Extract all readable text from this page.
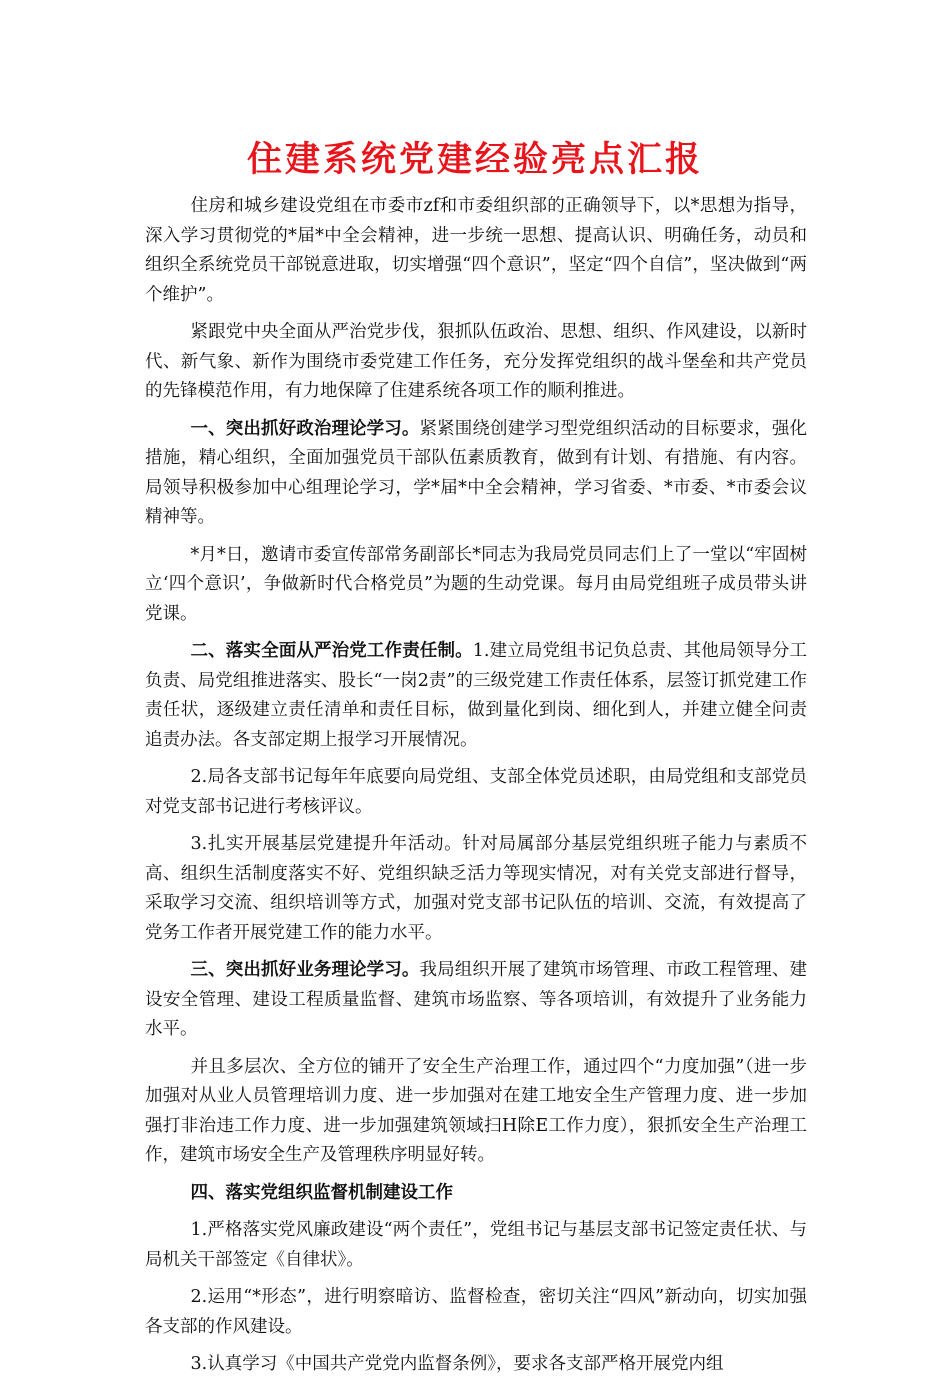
住建系统党建经验亮点汇报

住房和城乡建设党组在市委市zf和市委组织部的正确领导下，以*思想为指导，深入学习贯彻党的*届*中全会精神，进一步统一思想、提高认识、明确任务，动员和组织全系统党员干部锐意进取，切实增强“四个意识”，坚定“四个自信”，坚决做到“两个维护”。

紧跟党中央全面从严治党步伐，狠抓队伍政治、思想、组织、作风建设，以新时代、新气象、新作为围绕市委党建工作任务，充分发挥党组织的战斗堡垒和共产党员的先锋模范作用，有力地保障了住建系统各项工作的顺利推进。

一、突出抓好政治理论学习。紧紧围绕创建学习型党组织活动的目标要求，强化措施，精心组织，全面加强党员干部队伍素质教育，做到有计划、有措施、有内容。局领导积极参加中心组理论学习，学*届*中全会精神，学习省委、*市委、*市委会议精神等。

*月*日，邀请市委宣传部常务副部长*同志为我局党员同志们上了一堂以“牢固树立‘四个意识’，争做新时代合格党员”为题的生动党课。每月由局党组班子成员带头讲党课。

二、落实全面从严治党工作责任制。1.建立局党组书记负总责、其他局领导分工负责、局党组推进落实、股长“一岗2责”的三级党建工作责任体系，层签订抓党建工作责任状，逐级建立责任清单和责任目标，做到量化到岗、细化到人，并建立健全问责追责办法。各支部定期上报学习开展情况。

2.局各支部书记每年年底要向局党组、支部全体党员述职，由局党组和支部党员对党支部书记进行考核评议。

3.扎实开展基层党建提升年活动。针对局属部分基层党组织班子能力与素质不高、组织生活制度落实不好、党组织缺乏活力等现实情况，对有关党支部进行督导，采取学习交流、组织培训等方式，加强对党支部书记队伍的培训、交流，有效提高了党务工作者开展党建工作的能力水平。

三、突出抓好业务理论学习。我局组织开展了建筑市场管理、市政工程管理、建设安全管理、建设工程质量监督、建筑市场监察、等各项培训，有效提升了业务能力水平。

并且多层次、全方位的铺开了安全生产治理工作，通过四个“力度加强”（进一步加强对从业人员管理培训力度、进一步加强对在建工地安全生产管理力度、进一步加强打非治违工作力度、进一步加强建筑领域扫H除E工作力度），狠抓安全生产治理工作，建筑市场安全生产及管理秩序明显好转。

四、落实党组织监督机制建设工作

1.严格落实党风廉政建设“两个责任”，党组书记与基层支部书记签定责任状、与局机关干部签定《自律状》。

2.运用“*形态”，进行明察暗访、监督检查，密切关注“四风”新动向，切实加强各支部的作风建设。

3.认真学习《中国共产党党内监督条例》，要求各支部严格开展党内组
